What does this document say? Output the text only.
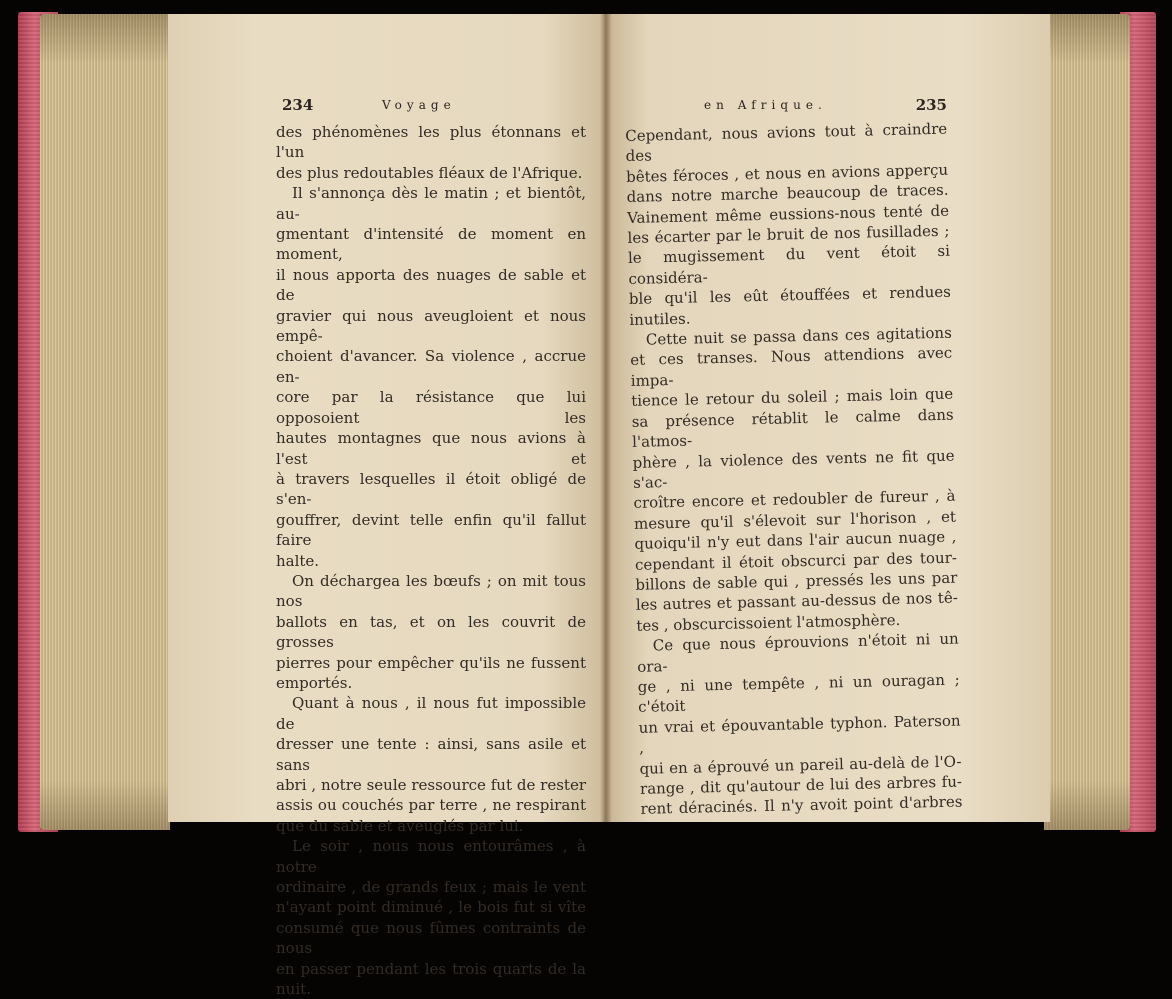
234	Voyage	en Afrique.	235

des phénomènes les plus étonnans et l'un

des plus redoutables fléaux de l'Afrique.

Il s'annonça dès le matin ; et bientôt, au-

gmentant d'intensité de moment en moment,

il nous apporta des nuages de sable et de

gravier qui nous aveugloient et nous empê-

choient d'avancer. Sa violence , accrue en-

core par la résistance que lui opposoient les

hautes montagnes que nous avions à l'est et

à travers lesquelles il étoit obligé de s'en-

gouffrer, devint telle enfin qu'il fallut faire

halte.

On déchargea les bœufs ; on mit tous nos

ballots en tas, et on les couvrit de grosses

pierres pour empêcher qu'ils ne fussent

emportés.

Quant à nous , il nous fut impossible de

dresser une tente : ainsi, sans asile et sans

abri , notre seule ressource fut de rester

assis ou couchés par terre , ne respirant

que du sable et aveuglés par lui.

Le soir , nous nous entourâmes , à notre

ordinaire , de grands feux ; mais le vent

n'ayant point diminué , le bois fut si vîte

consumé que nous fûmes contraints de nous

en passer pendant les trois quarts de la nuit.

Cependant, nous avions tout à craindre des

bêtes féroces , et nous en avions apperçu

dans notre marche beaucoup de traces.

Vainement même eussions-nous tenté de

les écarter par le bruit de nos fusillades ;

le mugissement du vent étoit si considéra-

ble qu'il les eût étouffées et rendues inutiles.

Cette nuit se passa dans ces agitations

et ces transes. Nous attendions avec impa-

tience le retour du soleil ; mais loin que

sa présence rétablit le calme dans l'atmos-

phère , la violence des vents ne fit que s'ac-

croître encore et redoubler de fureur , à

mesure qu'il s'élevoit sur l'horison , et

quoiqu'il n'y eut dans l'air aucun nuage ,

cependant il étoit obscurci par des tour-

billons de sable qui , pressés les uns par

les autres et passant au-dessus de nos tê-

tes , obscurcissoient l'atmosphère.

Ce que nous éprouvions n'étoit ni un ora-

ge , ni une tempête , ni un ouragan ; c'étoit

un vrai et épouvantable typhon. Paterson ,

qui en a éprouvé un pareil au-delà de l'O-

range , dit qu'autour de lui des arbres fu-

rent déracinés. Il n'y avoit point d'arbres
